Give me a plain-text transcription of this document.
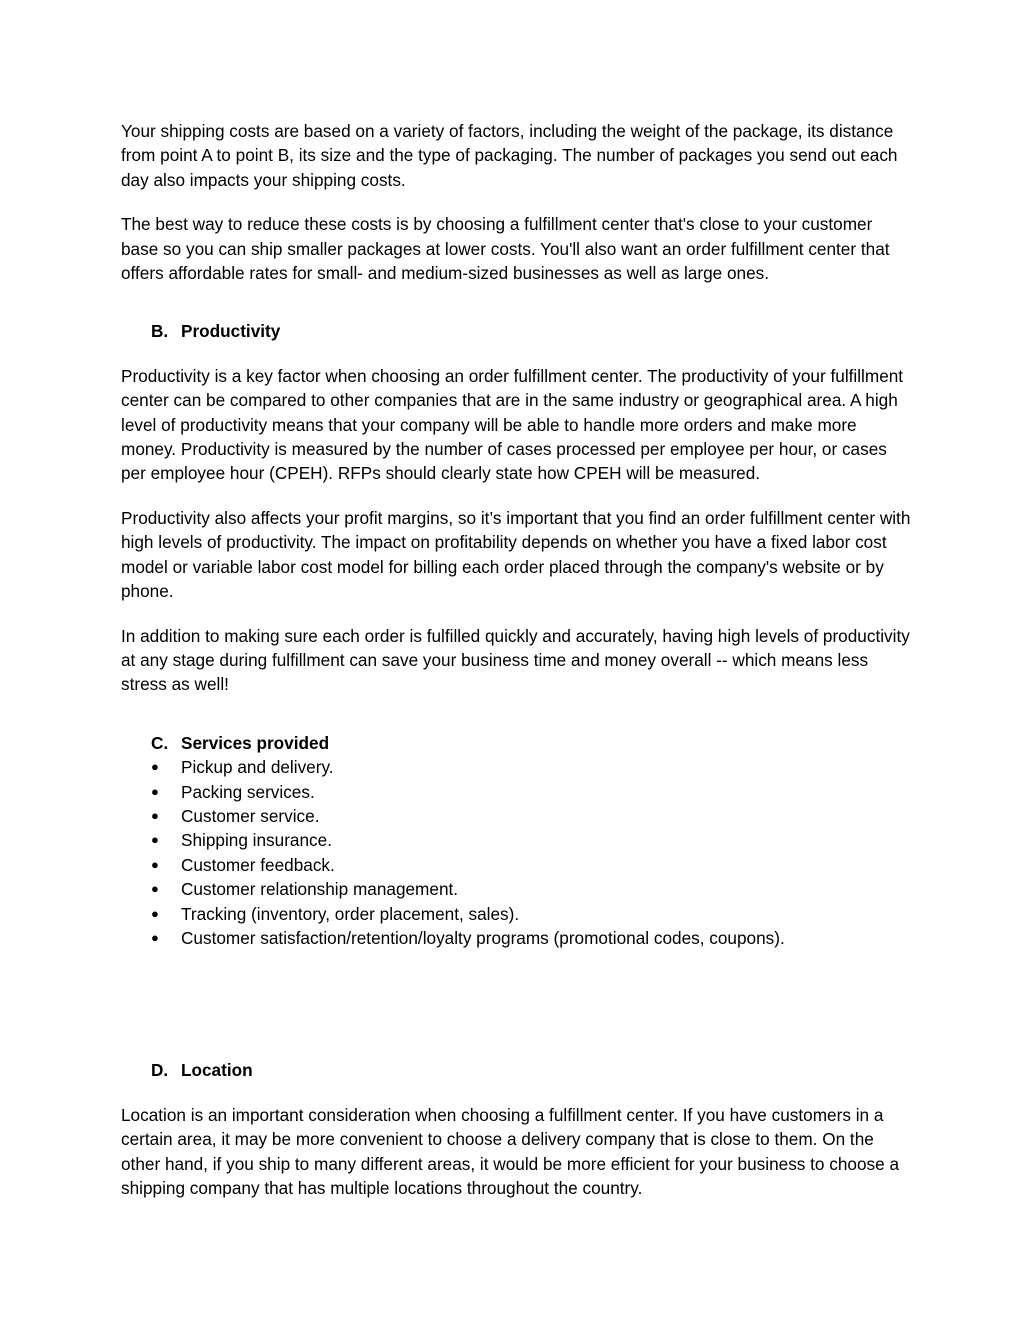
Your shipping costs are based on a variety of factors, including the weight of the package, its distance from point A to point B, its size and the type of packaging. The number of packages you send out each day also impacts your shipping costs.

The best way to reduce these costs is by choosing a fulfillment center that's close to your customer base so you can ship smaller packages at lower costs. You'll also want an order fulfillment center that offers affordable rates for small- and medium-sized businesses as well as large ones.

B. Productivity

Productivity is a key factor when choosing an order fulfillment center. The productivity of your fulfillment center can be compared to other companies that are in the same industry or geographical area. A high level of productivity means that your company will be able to handle more orders and make more money. Productivity is measured by the number of cases processed per employee per hour, or cases per employee hour (CPEH). RFPs should clearly state how CPEH will be measured.

Productivity also affects your profit margins, so it’s important that you find an order fulfillment center with high levels of productivity. The impact on profitability depends on whether you have a fixed labor cost model or variable labor cost model for billing each order placed through the company's website or by phone.

In addition to making sure each order is fulfilled quickly and accurately, having high levels of productivity at any stage during fulfillment can save your business time and money overall -- which means less stress as well!

C. Services provided
●	Pickup and delivery.
●	Packing services.
●	Customer service.
●	Shipping insurance.
●	Customer feedback.
●	Customer relationship management.
●	Tracking (inventory, order placement, sales).
●	Customer satisfaction/retention/loyalty programs (promotional codes, coupons).
D. Location

Location is an important consideration when choosing a fulfillment center. If you have customers in a certain area, it may be more convenient to choose a delivery company that is close to them. On the other hand, if you ship to many different areas, it would be more efficient for your business to choose a shipping company that has multiple locations throughout the country.
